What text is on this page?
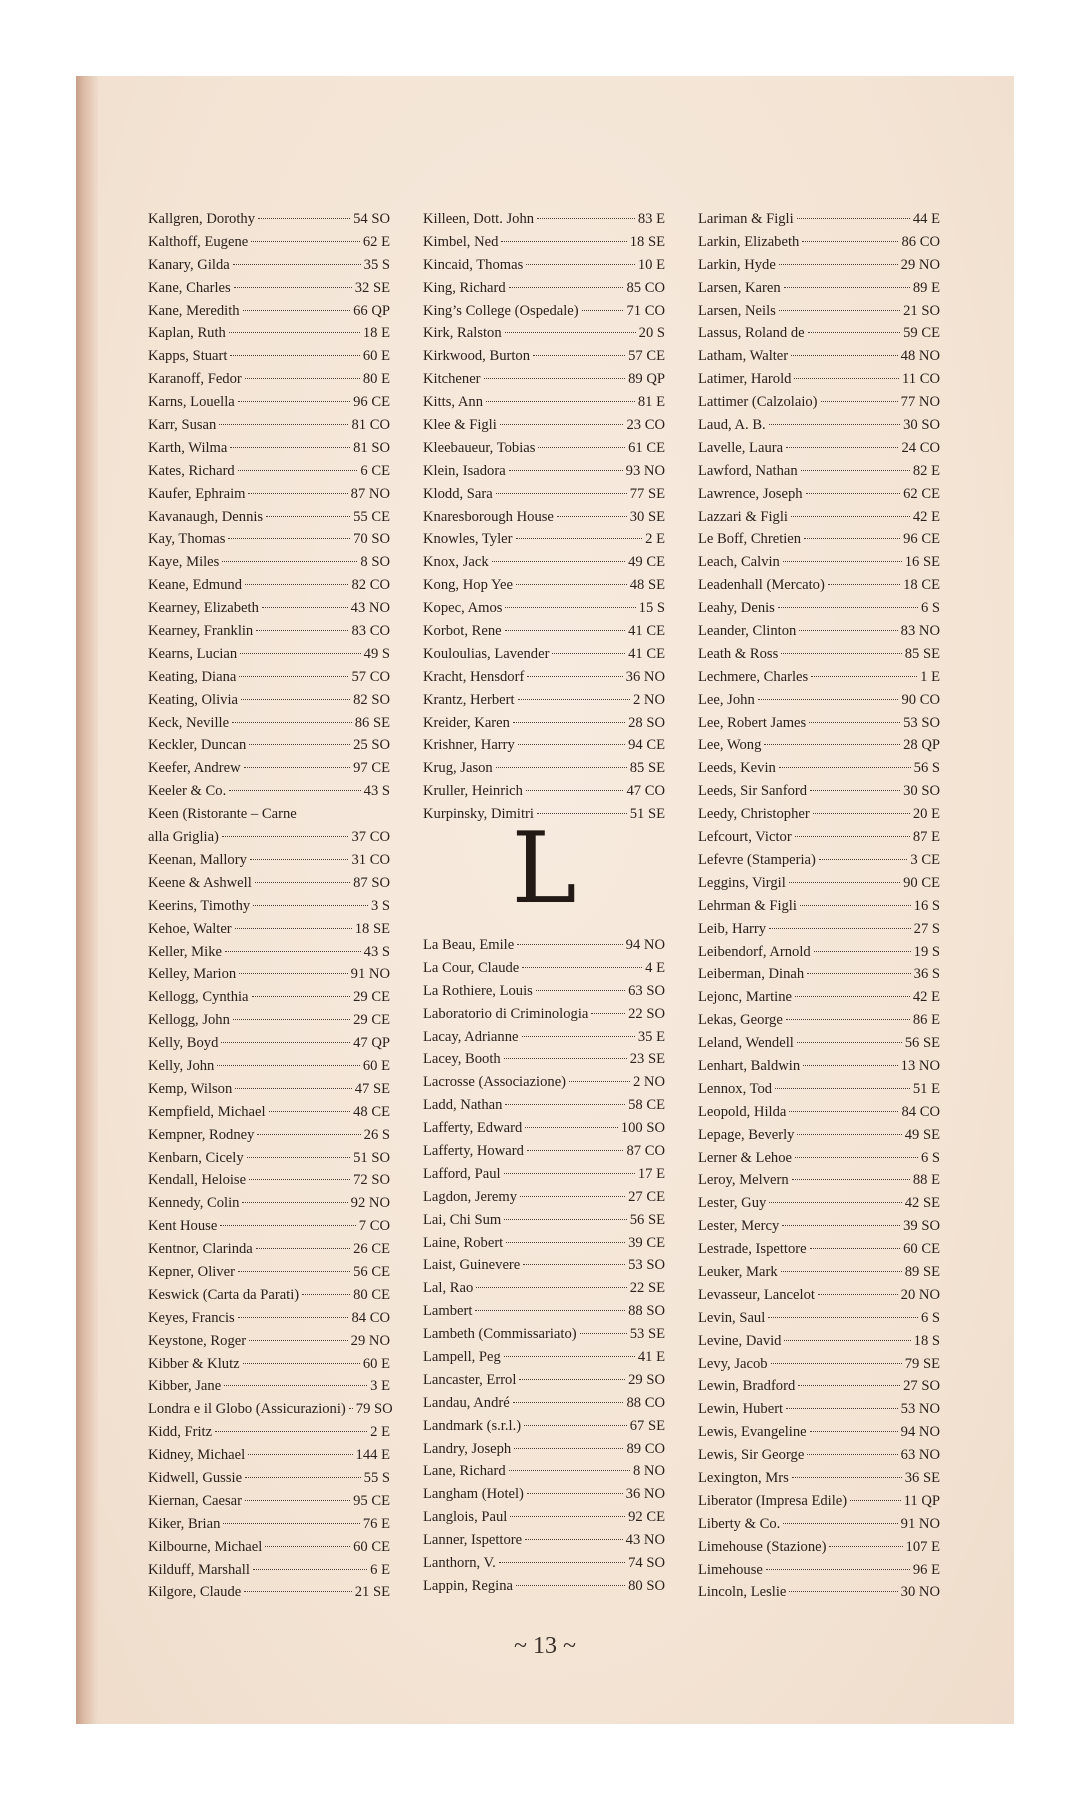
Kallgren, Dorothy	54 SO
Kalthoff, Eugene	62 E
Kanary, Gilda	35 S
Kane, Charles	32 SE
Kane, Meredith	66 QP
Kaplan, Ruth	18 E
Kapps, Stuart	60 E
Karanoff, Fedor	80 E
Karns, Louella	96 CE
Karr, Susan	81 CO
Karth, Wilma	81 SO
Kates, Richard	6 CE
Kaufer, Ephraim	87 NO
Kavanaugh, Dennis	55 CE
Kay, Thomas	70 SO
Kaye, Miles	8 SO
Keane, Edmund	82 CO
Kearney, Elizabeth	43 NO
Kearney, Franklin	83 CO
Kearns, Lucian	49 S
Keating, Diana	57 CO
Keating, Olivia	82 SO
Keck, Neville	86 SE
Keckler, Duncan	25 SO
Keefer, Andrew	97 CE
Keeler & Co.	43 S
Keen (Ristorante – Carne
alla Griglia)	37 CO
Keenan, Mallory	31 CO
Keene & Ashwell	87 SO
Keerins, Timothy	3 S
Kehoe, Walter	18 SE
Keller, Mike	43 S
Kelley, Marion	91 NO
Kellogg, Cynthia	29 CE
Kellogg, John	29 CE
Kelly, Boyd	47 QP
Kelly, John	60 E
Kemp, Wilson	47 SE
Kempfield, Michael	48 CE
Kempner, Rodney	26 S
Kenbarn, Cicely	51 SO
Kendall, Heloise	72 SO
Kennedy, Colin	92 NO
Kent House	7 CO
Kentnor, Clarinda	26 CE
Kepner, Oliver	56 CE
Keswick (Carta da Parati)	80 CE
Keyes, Francis	84 CO
Keystone, Roger	29 NO
Kibber & Klutz	60 E
Kibber, Jane	3 E
Londra e il Globo (Assicurazioni) 79 SO
Kidd, Fritz	2 E
Kidney, Michael	144 E
Kidwell, Gussie	55 S
Kiernan, Caesar	95 CE
Kiker, Brian	76 E
Kilbourne, Michael	60 CE
Kilduff, Marshall	6 E
Kilgore, Claude	21 SE
Killeen, Dott. John	83 E
Kimbel, Ned	18 SE
Kincaid, Thomas	10 E
King, Richard	85 CO
King’s College (Ospedale)	71 CO
Kirk, Ralston	20 S
Kirkwood, Burton	57 CE
Kitchener	89 QP
Kitts, Ann	81 E
Klee & Figli	23 CO
Kleebaueur, Tobias	61 CE
Klein, Isadora	93 NO
Klodd, Sara	77 SE
Knaresborough House	30 SE
Knowles, Tyler	2 E
Knox, Jack	49 CE
Kong, Hop Yee	48 SE
Kopec, Amos	15 S
Korbot, Rene	41 CE
Kouloulias, Lavender	41 CE
Kracht, Hensdorf	36 NO
Krantz, Herbert	2 NO
Kreider, Karen	28 SO
Krishner, Harry	94 CE
Krug, Jason	85 SE
Kruller, Heinrich	47 CO
Kurpinsky, Dimitri	51 SE
L
La Beau, Emile	94 NO
La Cour, Claude	4 E
La Rothiere, Louis	63 SO
Laboratorio di Criminologia	22 SO
Lacay, Adrianne	35 E
Lacey, Booth	23 SE
Lacrosse (Associazione)	2 NO
Ladd, Nathan	58 CE
Lafferty, Edward	100 SO
Lafferty, Howard	87 CO
Lafford, Paul	17 E
Lagdon, Jeremy	27 CE
Lai, Chi Sum	56 SE
Laine, Robert	39 CE
Laist, Guinevere	53 SO
Lal, Rao	22 SE
Lambert	88 SO
Lambeth (Commissariato)	53 SE
Lampell, Peg	41 E
Lancaster, Errol	29 SO
Landau, André	88 CO
Landmark (s.r.l.)	67 SE
Landry, Joseph	89 CO
Lane, Richard	8 NO
Langham (Hotel)	36 NO
Langlois, Paul	92 CE
Lanner, Ispettore	43 NO
Lanthorn, V.	74 SO
Lappin, Regina	80 SO
Lariman & Figli	44 E
Larkin, Elizabeth	86 CO
Larkin, Hyde	29 NO
Larsen, Karen	89 E
Larsen, Neils	21 SO
Lassus, Roland de	59 CE
Latham, Walter	48 NO
Latimer, Harold	11 CO
Lattimer (Calzolaio)	77 NO
Laud, A. B.	30 SO
Lavelle, Laura	24 CO
Lawford, Nathan	82 E
Lawrence, Joseph	62 CE
Lazzari & Figli	42 E
Le Boff, Chretien	96 CE
Leach, Calvin	16 SE
Leadenhall (Mercato)	18 CE
Leahy, Denis	6 S
Leander, Clinton	83 NO
Leath & Ross	85 SE
Lechmere, Charles	1 E
Lee, John	90 CO
Lee, Robert James	53 SO
Lee, Wong	28 QP
Leeds, Kevin	56 S
Leeds, Sir Sanford	30 SO
Leedy, Christopher	20 E
Lefcourt, Victor	87 E
Lefevre (Stamperia)	3 CE
Leggins, Virgil	90 CE
Lehrman & Figli	16 S
Leib, Harry	27 S
Leibendorf, Arnold	19 S
Leiberman, Dinah	36 S
Lejonc, Martine	42 E
Lekas, George	86 E
Leland, Wendell	56 SE
Lenhart, Baldwin	13 NO
Lennox, Tod	51 E
Leopold, Hilda	84 CO
Lepage, Beverly	49 SE
Lerner & Lehoe	6 S
Leroy, Melvern	88 E
Lester, Guy	42 SE
Lester, Mercy	39 SO
Lestrade, Ispettore	60 CE
Leuker, Mark	89 SE
Levasseur, Lancelot	20 NO
Levin, Saul	6 S
Levine, David	18 S
Levy, Jacob	79 SE
Lewin, Bradford	27 SO
Lewin, Hubert	53 NO
Lewis, Evangeline	94 NO
Lewis, Sir George	63 NO
Lexington, Mrs	36 SE
Liberator (Impresa Edile)	11 QP
Liberty & Co.	91 NO
Limehouse (Stazione)	107 E
Limehouse	96 E
Lincoln, Leslie	30 NO
~ 13 ~
